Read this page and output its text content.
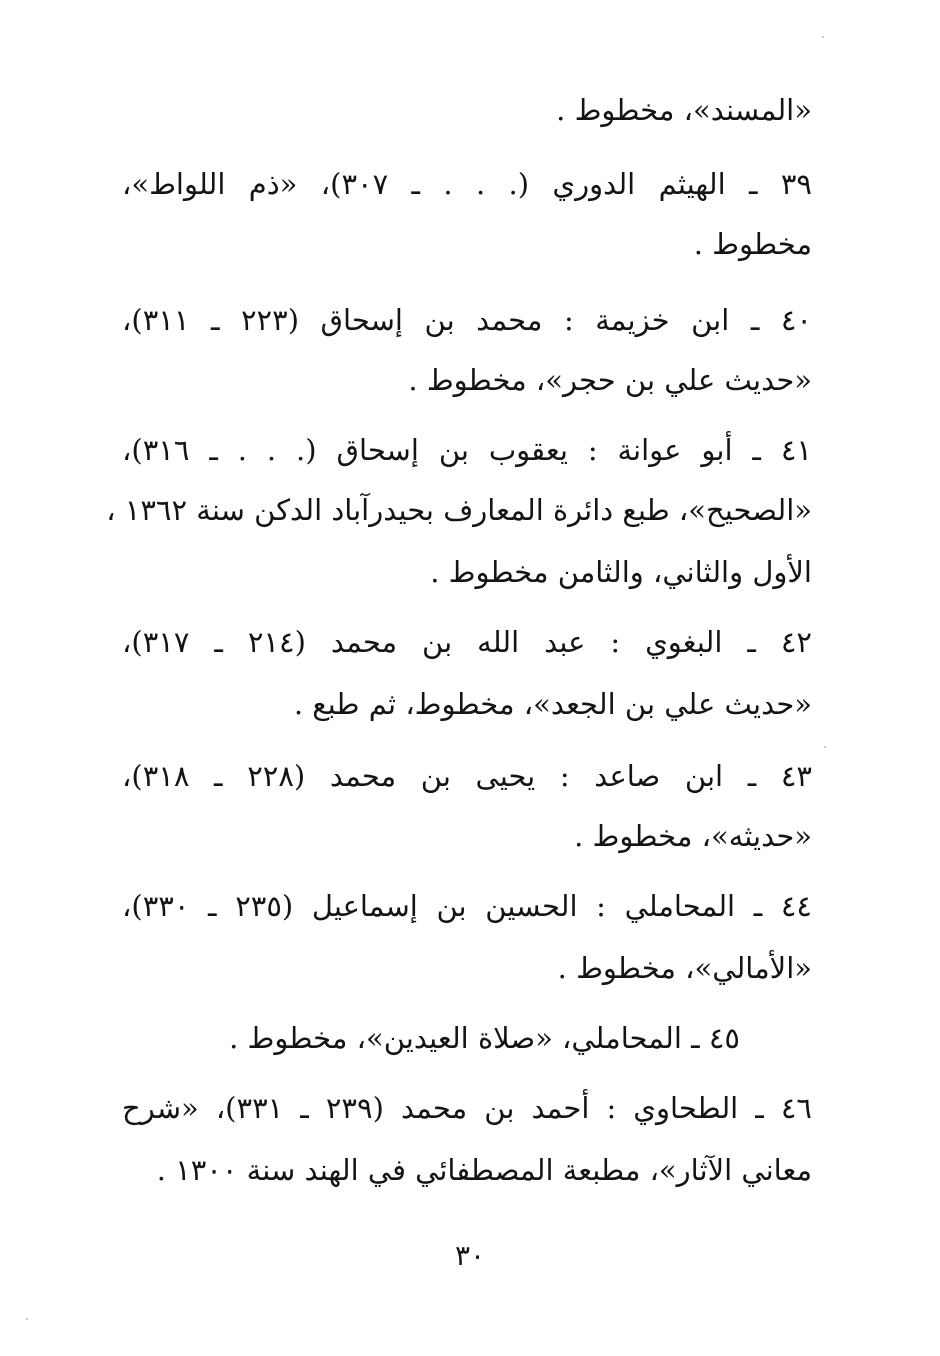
«المسند»، مخطوط .
٣٩ ـ الهيثم الدوري (. . . ـ ٣٠٧)، «ذم اللواط»،
مخطوط .
٤٠ ـ ابن خزيمة : محمد بن إسحاق (٢٢٣ ـ ٣١١)،
«حديث علي بن حجر»، مخطوط .
٤١ ـ أبو عوانة : يعقوب بن إسحاق (. . . ـ ٣١٦)،
«الصحيح»، طبع دائرة المعارف بحيدرآباد الدكن سنة ١٣٦٢ ،
الأول والثاني، والثامن مخطوط .
٤٢ ـ البغوي : عبد الله بن محمد (٢١٤ ـ ٣١٧)،
«حديث علي بن الجعد»، مخطوط، ثم طبع .
٤٣ ـ ابن صاعد : يحيى بن محمد (٢٢٨ ـ ٣١٨)،
«حديثه»، مخطوط .
٤٤ ـ المحاملي : الحسين بن إسماعيل (٢٣٥ ـ ٣٣٠)،
«الأمالي»، مخطوط .
٤٥ ـ المحاملي، «صلاة العيدين»، مخطوط .
٤٦ ـ الطحاوي : أحمد بن محمد (٢٣٩ ـ ٣٣١)، «شرح
معاني الآثار»، مطبعة المصطفائي في الهند سنة ١٣٠٠ .
٣٠
